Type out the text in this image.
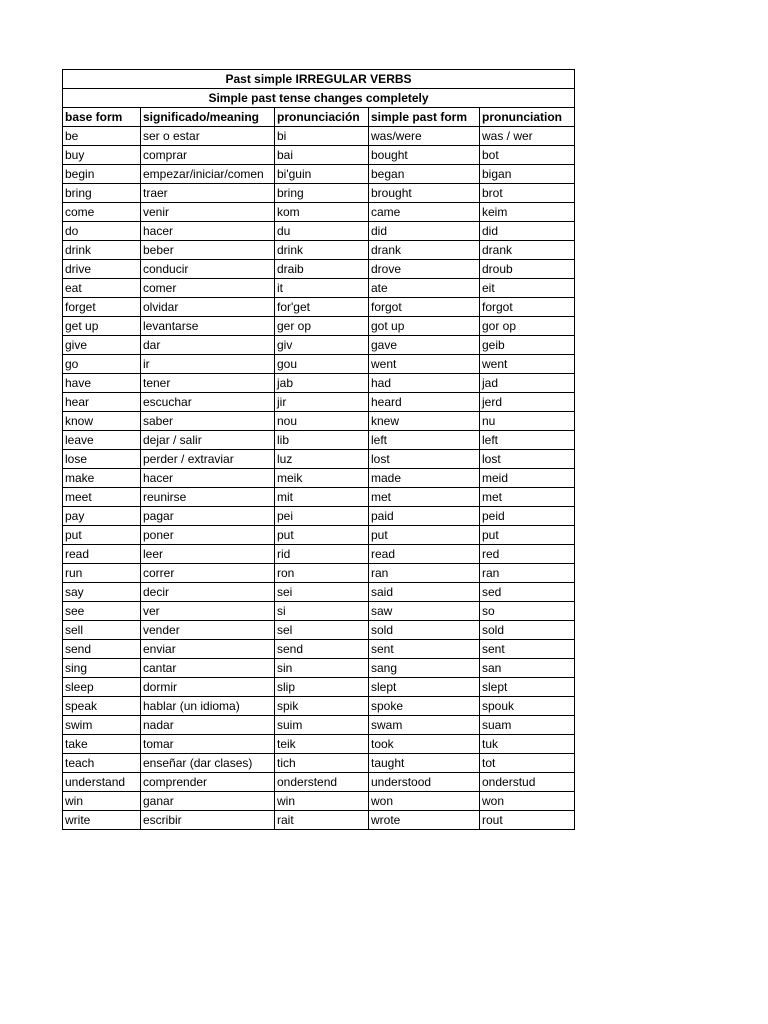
Past simple IRREGULAR VERBS				
Simple past tense changes completely				
base form	significado/meaning	pronunciación	simple past form	pronunciation
be	ser o estar	bi	was/were	was / wer
buy	comprar	bai	bought	bot
begin	empezar/iniciar/comen	bi'guin	began	bigan
bring	traer	bring	brought	brot
come	venir	kom	came	keim
do	hacer	du	did	did
drink	beber	drink	drank	drank
drive	conducir	draib	drove	droub
eat	comer	it	ate	eit
forget	olvidar	for'get	forgot	forgot
get up	levantarse	ger op	got up	gor op
give	dar	giv	gave	geib
go	ir	gou	went	went
have	tener	jab	had	jad
hear	escuchar	jir	heard	jerd
know	saber	nou	knew	nu
leave	dejar / salir	lib	left	left
lose	perder / extraviar	luz	lost	lost
make	hacer	meik	made	meid
meet	reunirse	mit	met	met
pay	pagar	pei	paid	peid
put	poner	put	put	put
read	leer	rid	read	red
run	correr	ron	ran	ran
say	decir	sei	said	sed
see	ver	si	saw	so
sell	vender	sel	sold	sold
send	enviar	send	sent	sent
sing	cantar	sin	sang	san
sleep	dormir	slip	slept	slept
speak	hablar (un idioma)	spik	spoke	spouk
swim	nadar	suim	swam	suam
take	tomar	teik	took	tuk
teach	enseñar (dar clases)	tich	taught	tot
understand	comprender	onderstend	understood	onderstud
win	ganar	win	won	won
write	escribir	rait	wrote	rout
